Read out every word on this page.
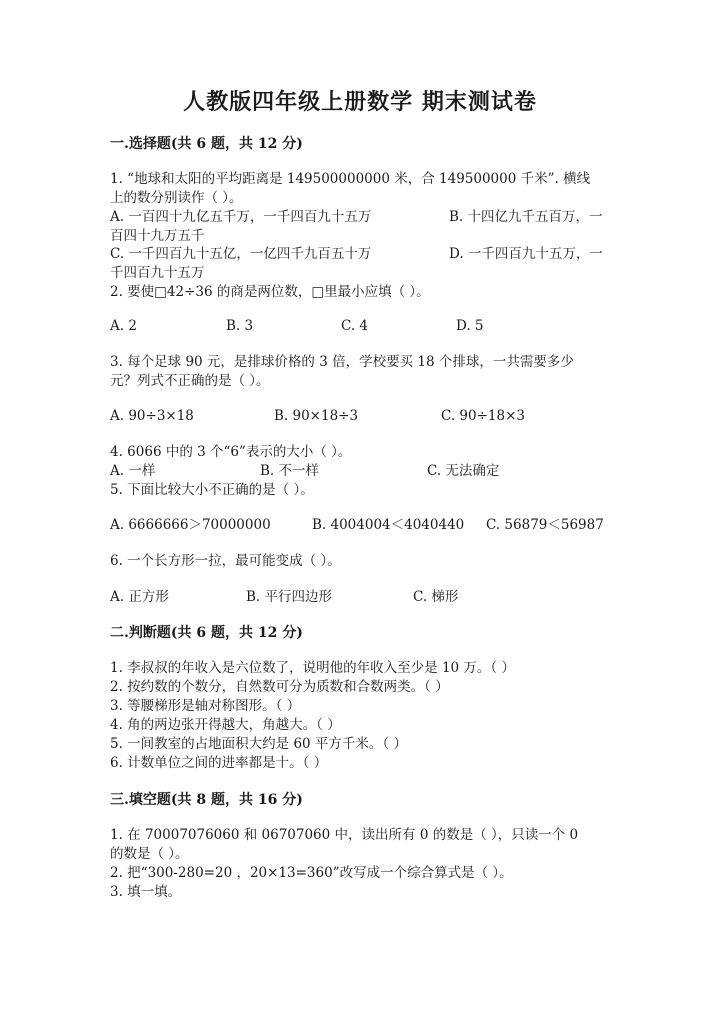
人教版四年级上册数学 期末测试卷
一.选择题(共 6 题，共 12 分)
1. “地球和太阳的平均距离是 149500000000 米，合 149500000 千米”. 横线
上的数分别读作（ ）。
A. 一百四十九亿五千万，一千四百九十五万	B. 十四亿九千五百万，一
百四十九万五千
C. 一千四百九十五亿，一亿四千九百五十万	D. 一千四百九十五万，一
千四百九十五万
2. 要使□42÷36 的商是两位数，□里最小应填（ ）。
A. 2	B. 3	C. 4	D. 5
3. 每个足球 90 元，是排球价格的 3 倍，学校要买 18 个排球，一共需要多少
元？列式不正确的是（ ）。
A. 90÷3×18	B. 90×18÷3	C. 90÷18×3
4. 6066 中的 3 个“6”表示的大小（ ）。
A. 一样	B. 不一样	C. 无法确定
5. 下面比较大小不正确的是（ ）。
A. 6666666＞70000000	B. 4004004＜4040440 C. 56879＜56987
6. 一个长方形一拉，最可能变成（ ）。
A. 正方形	B. 平行四边形	C. 梯形
二.判断题(共 6 题，共 12 分)
1. 李叔叔的年收入是六位数了，说明他的年收入至少是 10 万。（ ）
2. 按约数的个数分，自然数可分为质数和合数两类。（ ）
3. 等腰梯形是轴对称图形。（ ）
4. 角的两边张开得越大，角越大。（ ）
5. 一间教室的占地面积大约是 60 平方千米。（ ）
6. 计数单位之间的进率都是十。（ ）
三.填空题(共 8 题，共 16 分)
1. 在 70007076060 和 06707060 中，读出所有 0 的数是（ ），只读一个 0
的数是（ ）。
2. 把“300-280=20 ，20×13=360”改写成一个综合算式是（ ）。
3. 填一填。
